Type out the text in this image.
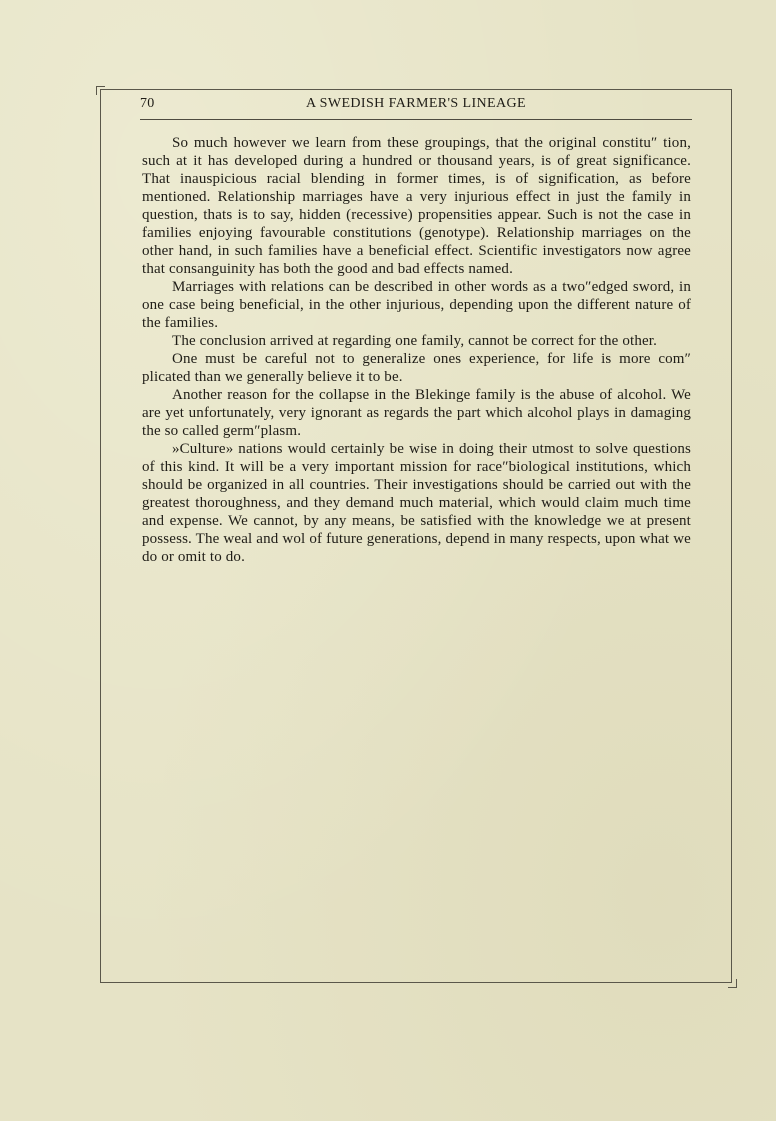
70	A SWEDISH FARMER'S LINEAGE

So much however we learn from these groupings, that the original constitu″ tion, such at it has developed during a hundred or thousand years, is of great significance. That inauspicious racial blending in former times, is of signification, as before mentioned. Relationship marriages have a very injurious effect in just the family in question, thats is to say, hidden (recessive) propensities appear. Such is not the case in families enjoying favourable constitutions (genotype). Relationship marriages on the other hand, in such families have a beneficial effect. Scientific investigators now agree that consanguinity has both the good and bad effects named.

Marriages with relations can be described in other words as a two″edged sword, in one case being beneficial, in the other injurious, depending upon the different nature of the families.

The conclusion arrived at regarding one family, cannot be correct for the other.

One must be careful not to generalize ones experience, for life is more com″ plicated than we generally believe it to be.

Another reason for the collapse in the Blekinge family is the abuse of alcohol. We are yet unfortunately, very ignorant as regards the part which alcohol plays in damaging the so called germ″plasm.

»Culture» nations would certainly be wise in doing their utmost to solve questions of this kind. It will be a very important mission for race″biological institutions, which should be organized in all countries. Their investigations should be carried out with the greatest thoroughness, and they demand much material, which would claim much time and expense. We cannot, by any means, be satisfied with the knowledge we at present possess. The weal and wol of future generations, depend in many respects, upon what we do or omit to do.
